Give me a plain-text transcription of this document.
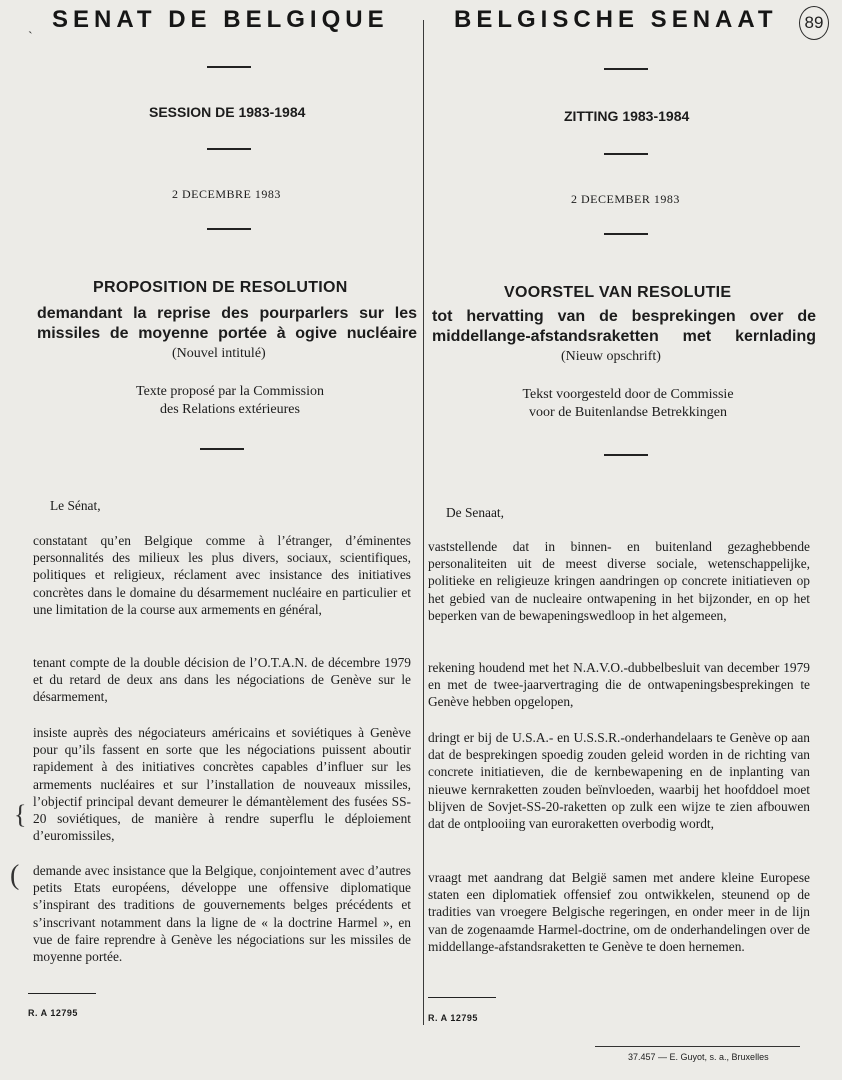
89
ˋ
SENAT DE BELGIQUE
SESSION DE 1983-1984
2 DECEMBRE 1983
PROPOSITION DE RESOLUTION
demandant la reprise des pourparlers sur les missiles de moyenne portée à ogive nucléaire
(Nouvel intitulé)
Texte proposé par la Commission
des Relations extérieures
Le Sénat,
constatant qu’en Belgique comme à l’étranger, d’éminentes personnalités des milieux les plus divers, sociaux, scientifiques, politiques et religieux, réclament avec insistance des initiatives concrètes dans le domaine du désarmement nucléaire en particulier et une limitation de la course aux armements en général,
tenant compte de la double décision de l’O.T.A.N. de décembre 1979 et du retard de deux ans dans les négociations de Genève sur le désarmement,
insiste auprès des négociateurs américains et soviétiques à Genève pour qu’ils fassent en sorte que les négociations puissent aboutir rapidement à des initiatives concrètes capables d’influer sur les armements nucléaires et sur l’installation de nouveaux missiles, l’objectif principal devant demeurer le démantèlement des fusées SS-20 soviétiques, de manière à rendre superflu le déploiement d’euromissiles,
{
( demande avec insistance que la Belgique, conjointement avec d’autres petits Etats européens, développe une offensive diplomatique s’inspirant des traditions de gouvernements belges précédents et s’inscrivant notamment dans la ligne de « la doctrine Harmel », en vue de faire reprendre à Genève les négociations sur les missiles de moyenne portée.
R. A 12795
BELGISCHE SENAAT
ZITTING 1983-1984
2 DECEMBER 1983
VOORSTEL VAN RESOLUTIE
tot hervatting van de besprekingen over de middellange-afstandsraketten met kernlading
(Nieuw opschrift)
Tekst voorgesteld door de Commissie
voor de Buitenlandse Betrekkingen
De Senaat,
vaststellende dat in binnen- en buitenland gezaghebbende personaliteiten uit de meest diverse sociale, wetenschappelijke, politieke en religieuze kringen aandringen op concrete initiatieven op het gebied van de nucleaire ontwapening in het bijzonder, en op het beperken van de bewapeningswedloop in het algemeen,
rekening houdend met het N.A.V.O.-dubbelbesluit van december 1979 en met de twee-jaarvertraging die de ontwapeningsbesprekingen te Genève hebben opgelopen,
dringt er bij de U.S.A.- en U.S.S.R.-onderhandelaars te Genève op aan dat de besprekingen spoedig zouden geleid worden in de richting van concrete initiatieven, die de kernbewapening en de inplanting van nieuwe kernraketten zouden beïnvloeden, waarbij het hoofddoel moet blijven de Sovjet-SS-20-raketten op zulk een wijze te zien afbouwen dat de ontplooiing van euroraketten overbodig wordt,
vraagt met aandrang dat België samen met andere kleine Europese staten een diplomatiek offensief zou ontwikkelen, steunend op de tradities van vroegere Belgische regeringen, en onder meer in de lijn van de zogenaamde Harmel-doctrine, om de onderhandelingen over de middellange-afstandsraketten te Genève te doen hernemen.
R. A 12795
37.457 — E. Guyot, s. a., Bruxelles
